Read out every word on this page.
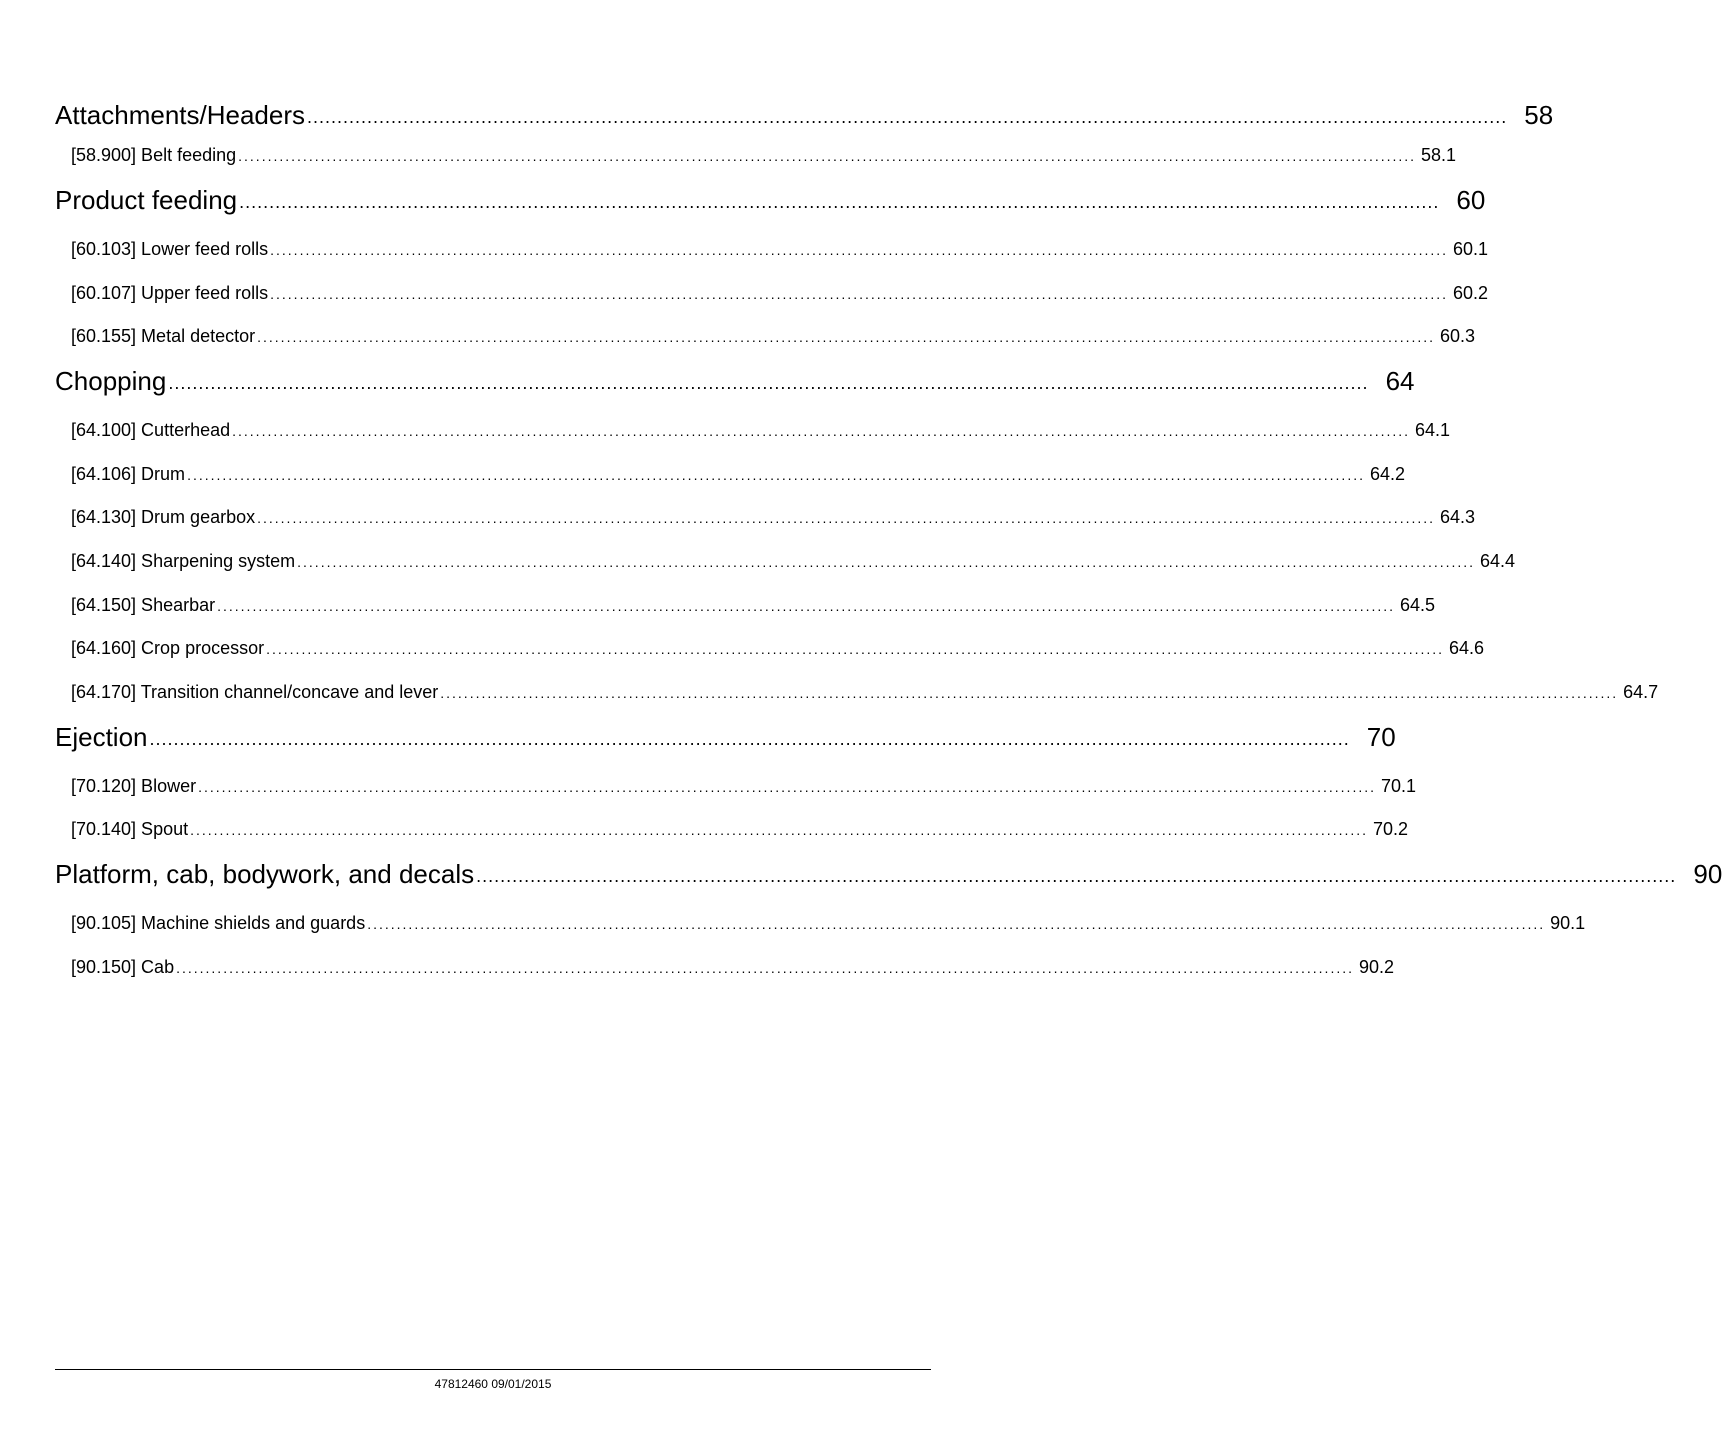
Attachments/Headers ........................................................................................................................................................................................................ 58
[58.900] Belt feeding ........................................................................................................................................................................................................ 58.1
Product feeding ........................................................................................................................................................................................................ 60
[60.103] Lower feed rolls ........................................................................................................................................................................................................ 60.1
[60.107] Upper feed rolls ........................................................................................................................................................................................................ 60.2
[60.155] Metal detector ........................................................................................................................................................................................................ 60.3
Chopping ........................................................................................................................................................................................................ 64
[64.100] Cutterhead ........................................................................................................................................................................................................ 64.1
[64.106] Drum ........................................................................................................................................................................................................ 64.2
[64.130] Drum gearbox ........................................................................................................................................................................................................ 64.3
[64.140] Sharpening system ........................................................................................................................................................................................................ 64.4
[64.150] Shearbar ........................................................................................................................................................................................................ 64.5
[64.160] Crop processor ........................................................................................................................................................................................................ 64.6
[64.170] Transition channel/concave and lever ........................................................................................................................................................................................................ 64.7
Ejection ........................................................................................................................................................................................................ 70
[70.120] Blower ........................................................................................................................................................................................................ 70.1
[70.140] Spout ........................................................................................................................................................................................................ 70.2
Platform, cab, bodywork, and decals ........................................................................................................................................................................................................ 90
[90.105] Machine shields and guards ........................................................................................................................................................................................................ 90.1
[90.150] Cab ........................................................................................................................................................................................................ 90.2
47812460 09/01/2015
